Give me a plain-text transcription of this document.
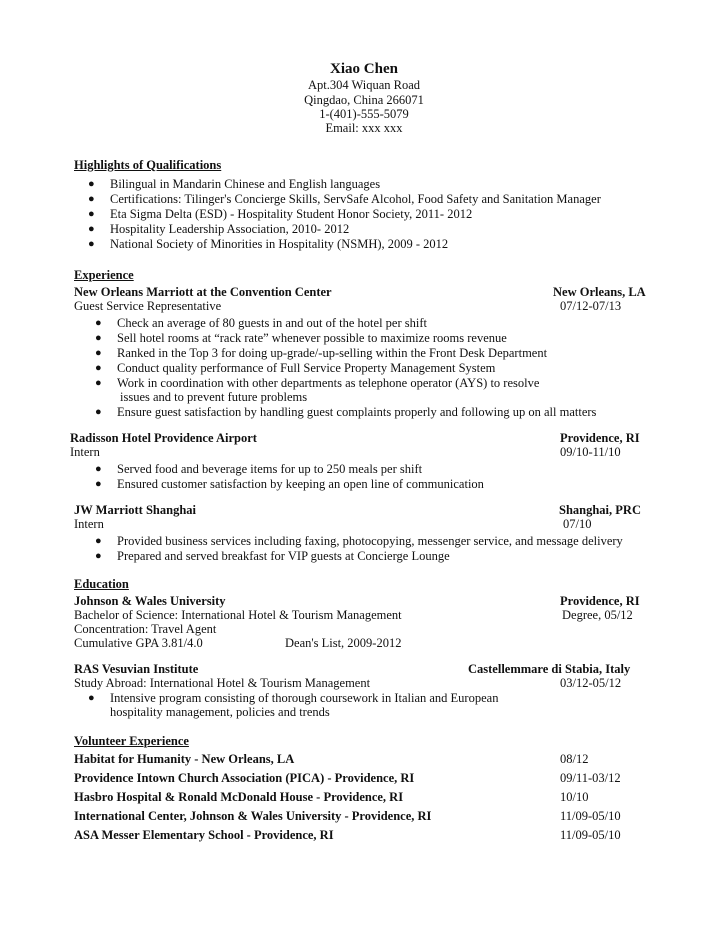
Xiao Chen
Apt.304 Wiquan Road
Qingdao, China 266071
1-(401)-555-5079
Email: xxx xxx
Highlights of Qualifications
● Bilingual in Mandarin Chinese and English languages
● Certifications: Tilinger's Concierge Skills, ServSafe Alcohol, Food Safety and Sanitation Manager
● Eta Sigma Delta (ESD) - Hospitality Student Honor Society, 2011- 2012
● Hospitality Leadership Association, 2010- 2012
● National Society of Minorities in Hospitality (NSMH), 2009 - 2012
Experience
New Orleans Marriott at the Convention Center	New Orleans, LA
Guest Service Representative	07/12-07/13
● Check an average of 80 guests in and out of the hotel per shift
● Sell hotel rooms at “rack rate” whenever possible to maximize rooms revenue
● Ranked in the Top 3 for doing up-grade/-up-selling within the Front Desk Department
● Conduct quality performance of Full Service Property Management System
● Work in coordination with other departments as telephone operator (AYS) to resolve
issues and to prevent future problems
● Ensure guest satisfaction by handling guest complaints properly and following up on all matters
Radisson Hotel Providence Airport	Providence, RI
Intern	09/10-11/10
● Served food and beverage items for up to 250 meals per shift
● Ensured customer satisfaction by keeping an open line of communication
JW Marriott Shanghai	Shanghai, PRC
Intern	07/10
● Provided business services including faxing, photocopying, messenger service, and message delivery
● Prepared and served breakfast for VIP guests at Concierge Lounge
Education
Johnson & Wales University	Providence, RI
Bachelor of Science: International Hotel & Tourism Management	Degree, 05/12
Concentration: Travel Agent
Cumulative GPA 3.81/4.0	Dean's List, 2009-2012
RAS Vesuvian Institute	Castellemmare di Stabia, Italy
Study Abroad: International Hotel & Tourism Management	03/12-05/12
● Intensive program consisting of thorough coursework in Italian and European
hospitality management, policies and trends
Volunteer Experience
Habitat for Humanity - New Orleans, LA	08/12
Providence Intown Church Association (PICA) - Providence, RI	09/11-03/12
Hasbro Hospital & Ronald McDonald House - Providence, RI	10/10
International Center, Johnson & Wales University - Providence, RI	11/09-05/10
ASA Messer Elementary School - Providence, RI	11/09-05/10
